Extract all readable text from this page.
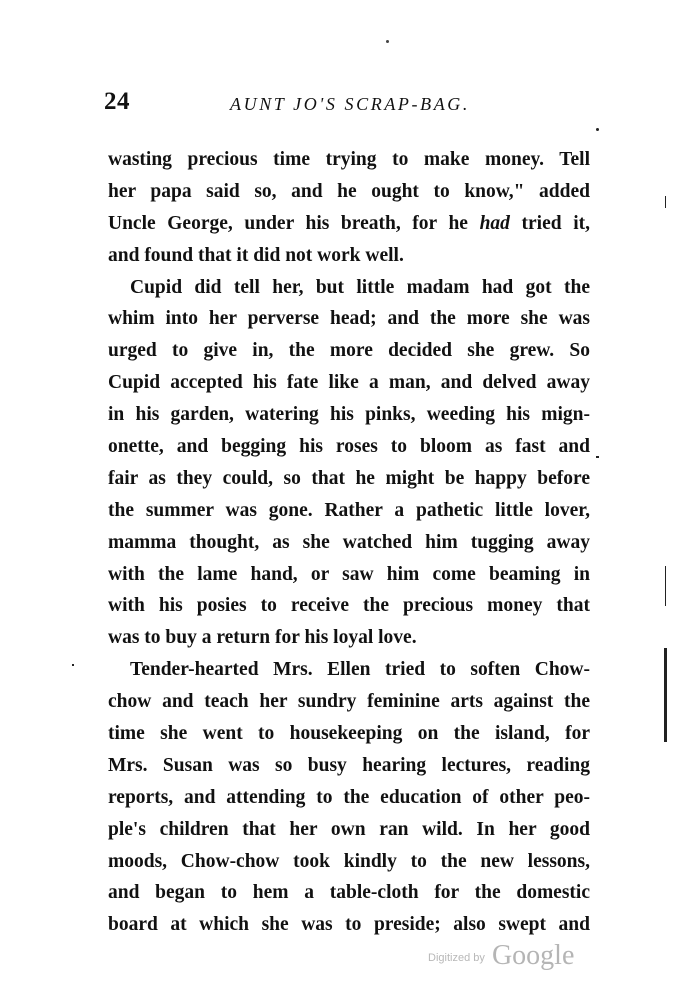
24	AUNT JO'S SCRAP-BAG.
wasting precious time trying to make money. Tell
her papa said so, and he ought to know," added
Uncle George, under his breath, for he had tried it,
and found that it did not work well.
Cupid did tell her, but little madam had got the
whim into her perverse head; and the more she was
urged to give in, the more decided she grew. So
Cupid accepted his fate like a man, and delved away
in his garden, watering his pinks, weeding his mign-
onette, and begging his roses to bloom as fast and
fair as they could, so that he might be happy before
the summer was gone. Rather a pathetic little lover,
mamma thought, as she watched him tugging away
with the lame hand, or saw him come beaming in
with his posies to receive the precious money that
was to buy a return for his loyal love.
Tender-hearted Mrs. Ellen tried to soften Chow-
chow and teach her sundry feminine arts against the
time she went to housekeeping on the island, for
Mrs. Susan was so busy hearing lectures, reading
reports, and attending to the education of other peo-
ple's children that her own ran wild. In her good
moods, Chow-chow took kindly to the new lessons,
and began to hem a table-cloth for the domestic
board at which she was to preside; also swept and
Digitized by Google
